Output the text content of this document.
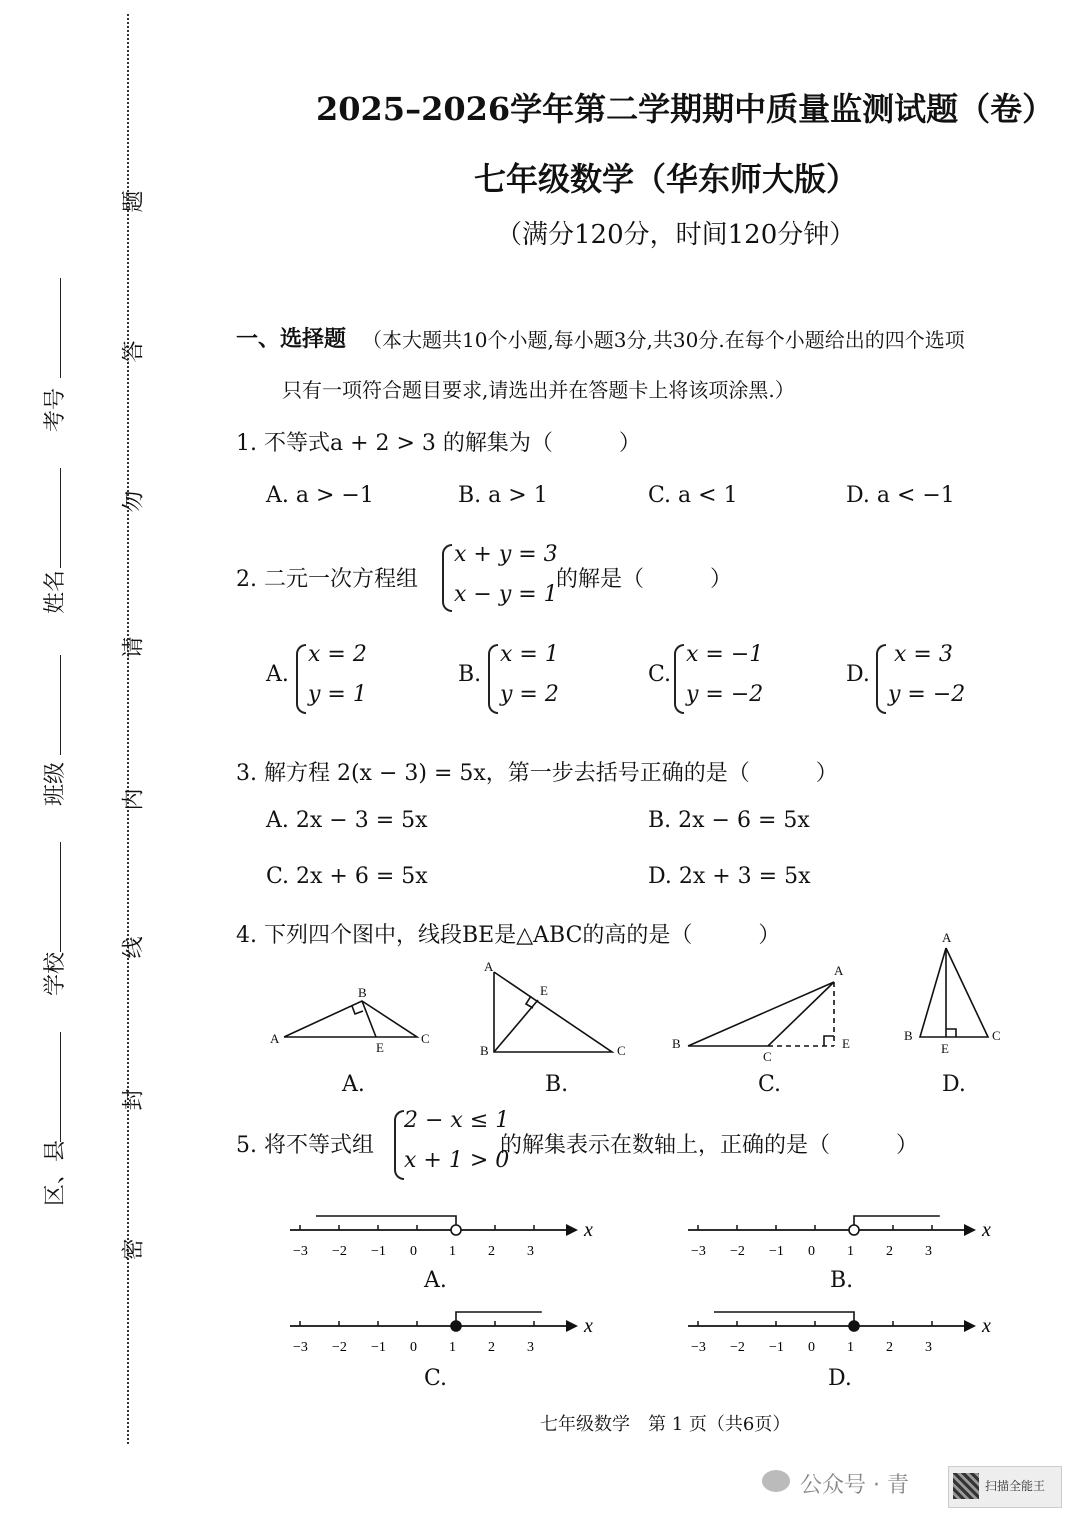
题
答
勿
请
内
线
封
密
考号
姓名
班级
学校
区、县
2025–2026学年第二学期期中质量监测试题（卷）
七年级数学（华东师大版）
（满分120分，时间120分钟）
一、选择题 （本大题共10个小题,每小题3分,共30分.在每个小题给出的四个选项
只有一项符合题目要求,请选出并在答题卡上将该项涂黑.）
1. 不等式a + 2 > 3 的解集为（　　　）
A. a > −1	B. a > 1	C. a < 1	D. a < −1
2. 二元一次方程组
x + y = 3
x − y = 1
的解是（　　　）
A.
x = 2
y = 1
B.
x = 1
y = 2
C.
x = −1
y = −2
D.
x = 3
y = −2
3. 解方程 2(x − 3) = 5x，第一步去括号正确的是（　　　）
A. 2x − 3 = 5x	B. 2x − 6 = 5x
C. 2x + 6 = 5x	D. 2x + 3 = 5x
4. 下列四个图中，线段BE是△ABC的高的是（　　　）
A
B
C
E
A
B	C
E
A
B
C
E
A
B	C
E
A.	B.	C.	D.
5. 将不等式组
2 − x ≤ 1
x + 1 > 0
的解集表示在数轴上，正确的是（　　　）
x
−3 −2 −1 0 1 2 3
x
−3 −2 −1 0 1 2 3
x
−3 −2 −1 0 1 2 3
x
−3 −2 −1 0 1 2 3
A.	B.
C.	D.
七年级数学　第 1 页（共6页）
公众号 · 青	扫描全能王
